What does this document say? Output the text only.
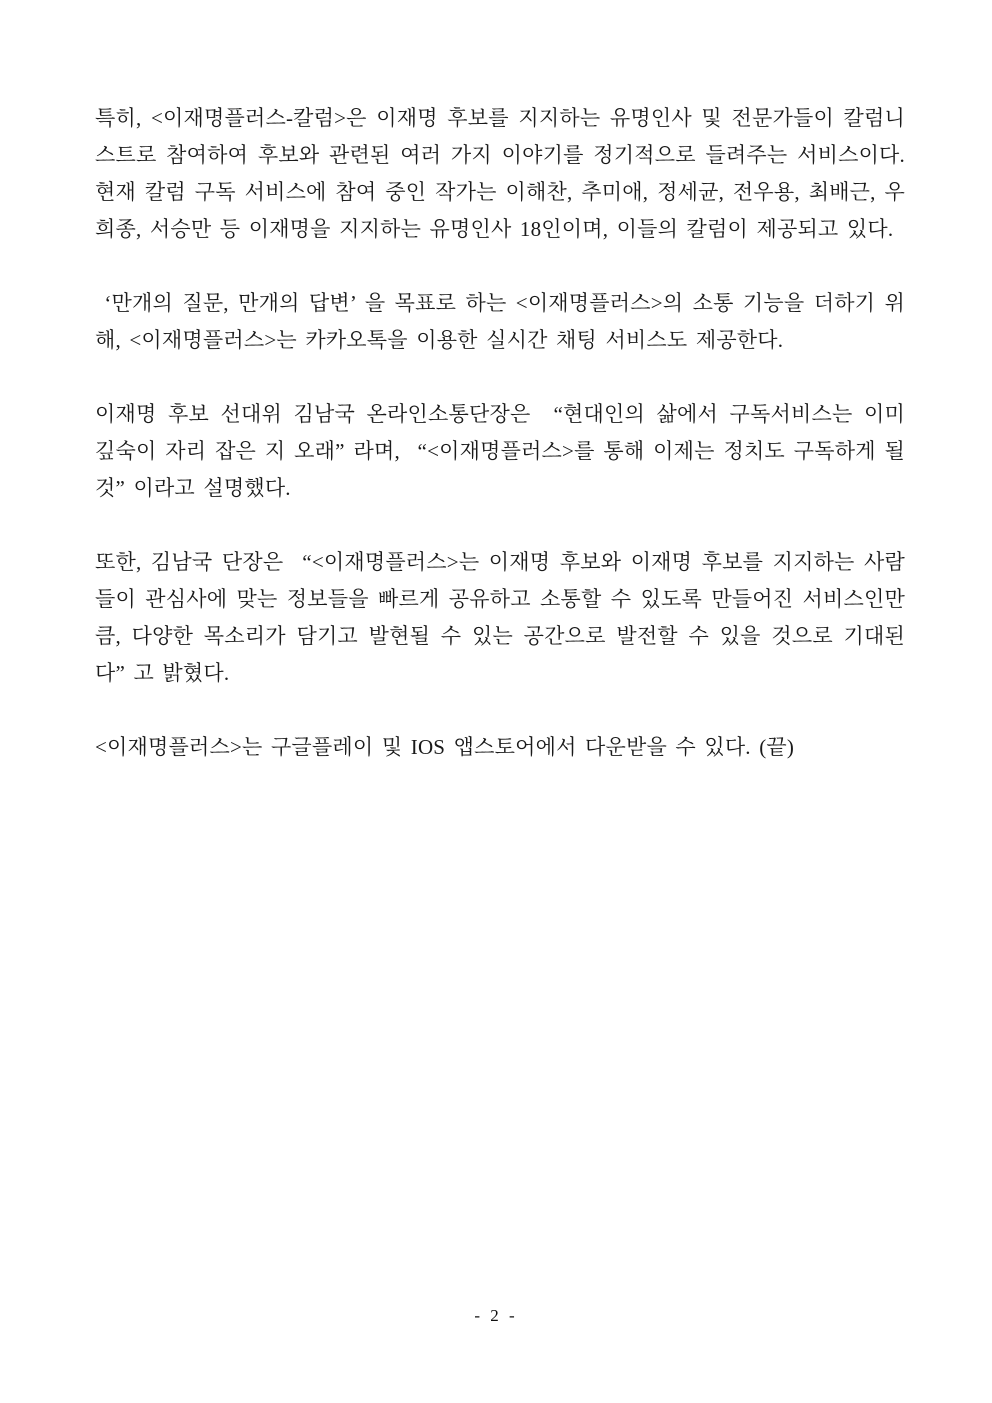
특히, <이재명플러스-칼럼>은 이재명 후보를 지지하는 유명인사 및 전문가들이 칼럼니스트로 참여하여 후보와 관련된 여러 가지 이야기를 정기적으로 들려주는 서비스이다. 현재 칼럼 구독 서비스에 참여 중인 작가는 이해찬, 추미애, 정세균, 전우용, 최배근, 우희종, 서승만 등 이재명을 지지하는 유명인사 18인이며, 이들의 칼럼이 제공되고 있다.

‘만개의 질문, 만개의 답변’ 을 목표로 하는 <이재명플러스>의 소통 기능을 더하기 위해, <이재명플러스>는 카카오톡을 이용한 실시간 채팅 서비스도 제공한다.

이재명 후보 선대위 김남국 온라인소통단장은  “현대인의 삶에서 구독서비스는 이미 깊숙이 자리 잡은 지 오래” 라며,  “<이재명플러스>를 통해 이제는 정치도 구독하게 될 것” 이라고 설명했다.

또한, 김남국 단장은  “<이재명플러스>는 이재명 후보와 이재명 후보를 지지하는 사람들이 관심사에 맞는 정보들을 빠르게 공유하고 소통할 수 있도록 만들어진 서비스인만큼, 다양한 목소리가 담기고 발현될 수 있는 공간으로 발전할 수 있을 것으로 기대된다” 고 밝혔다.

<이재명플러스>는 구글플레이 및 IOS 앱스토어에서 다운받을 수 있다. (끝)

- 2 -
